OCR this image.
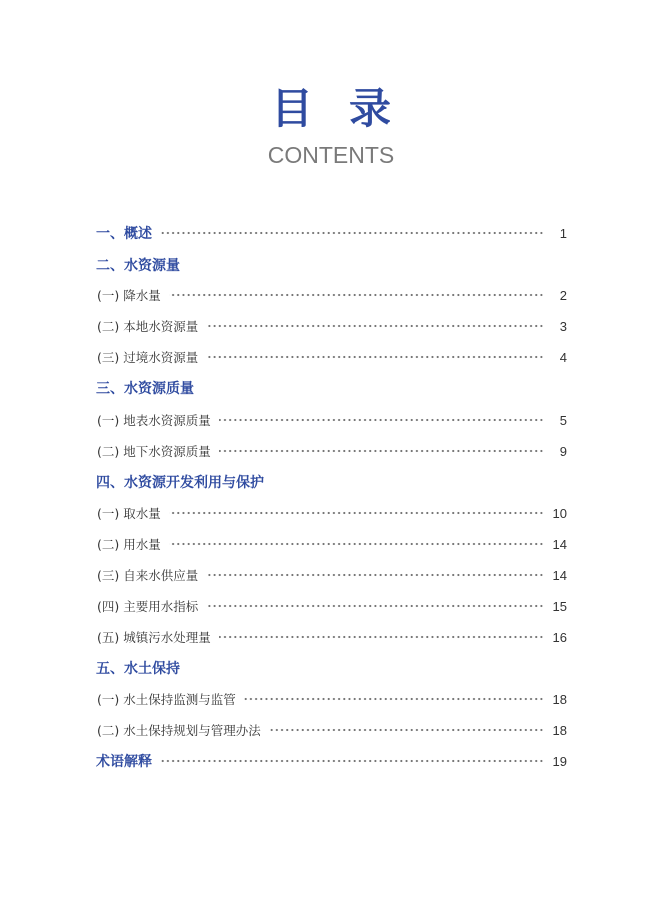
目录
CONTENTS
一、概述	1
二、水资源量
(一) 降水量	2
(二) 本地水资源量	3
(三) 过境水资源量	4
三、水资源质量
(一) 地表水资源质量	5
(二) 地下水资源质量	9
四、水资源开发利用与保护
(一) 取水量	10
(二) 用水量	14
(三) 自来水供应量	14
(四) 主要用水指标	15
(五) 城镇污水处理量	16
五、水土保持
(一) 水土保持监测与监管	18
(二) 水土保持规划与管理办法	18
术语解释	19
